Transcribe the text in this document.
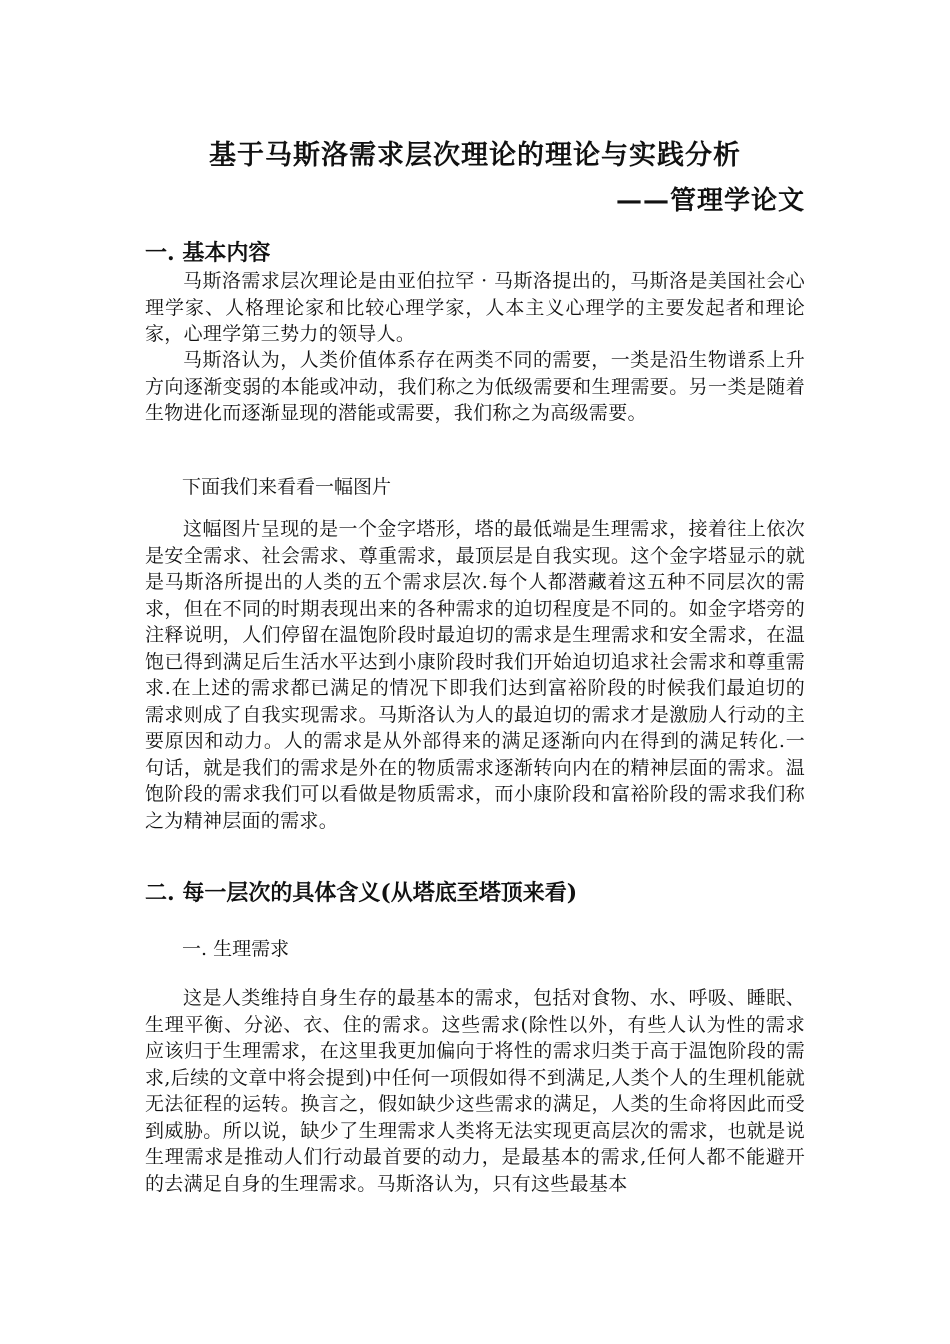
基于马斯洛需求层次理论的理论与实践分析
——管理学论文
一. 基本内容
马斯洛需求层次理论是由亚伯拉罕 · 马斯洛提出的，马斯洛是美国社会心理学家、人格理论家和比较心理学家，人本主义心理学的主要发起者和理论家，心理学第三势力的领导人。
马斯洛认为，人类价值体系存在两类不同的需要，一类是沿生物谱系上升方向逐渐变弱的本能或冲动，我们称之为低级需要和生理需要。另一类是随着生物进化而逐渐显现的潜能或需要，我们称之为高级需要。
下面我们来看看一幅图片
这幅图片呈现的是一个金字塔形，塔的最低端是生理需求，接着往上依次是安全需求、社会需求、尊重需求，最顶层是自我实现。这个金字塔显示的就是马斯洛所提出的人类的五个需求层次.每个人都潜藏着这五种不同层次的需求，但在不同的时期表现出来的各种需求的迫切程度是不同的。如金字塔旁的注释说明，人们停留在温饱阶段时最迫切的需求是生理需求和安全需求，在温饱已得到满足后生活水平达到小康阶段时我们开始迫切追求社会需求和尊重需求.在上述的需求都已满足的情况下即我们达到富裕阶段的时候我们最迫切的需求则成了自我实现需求。马斯洛认为人的最迫切的需求才是激励人行动的主要原因和动力。人的需求是从外部得来的满足逐渐向内在得到的满足转化.一句话，就是我们的需求是外在的物质需求逐渐转向内在的精神层面的需求。温饱阶段的需求我们可以看做是物质需求，而小康阶段和富裕阶段的需求我们称之为精神层面的需求。
二. 每一层次的具体含义(从塔底至塔顶来看)
一. 生理需求
这是人类维持自身生存的最基本的需求，包括对食物、水、呼吸、睡眠、生理平衡、分泌、衣、住的需求。这些需求(除性以外，有些人认为性的需求应该归于生理需求，在这里我更加偏向于将性的需求归类于高于温饱阶段的需求,后续的文章中将会提到)中任何一项假如得不到满足,人类个人的生理机能就无法征程的运转。换言之，假如缺少这些需求的满足，人类的生命将因此而受到威胁。所以说，缺少了生理需求人类将无法实现更高层次的需求，也就是说生理需求是推动人们行动最首要的动力，是最基本的需求,任何人都不能避开的去满足自身的生理需求。马斯洛认为，只有这些最基本
